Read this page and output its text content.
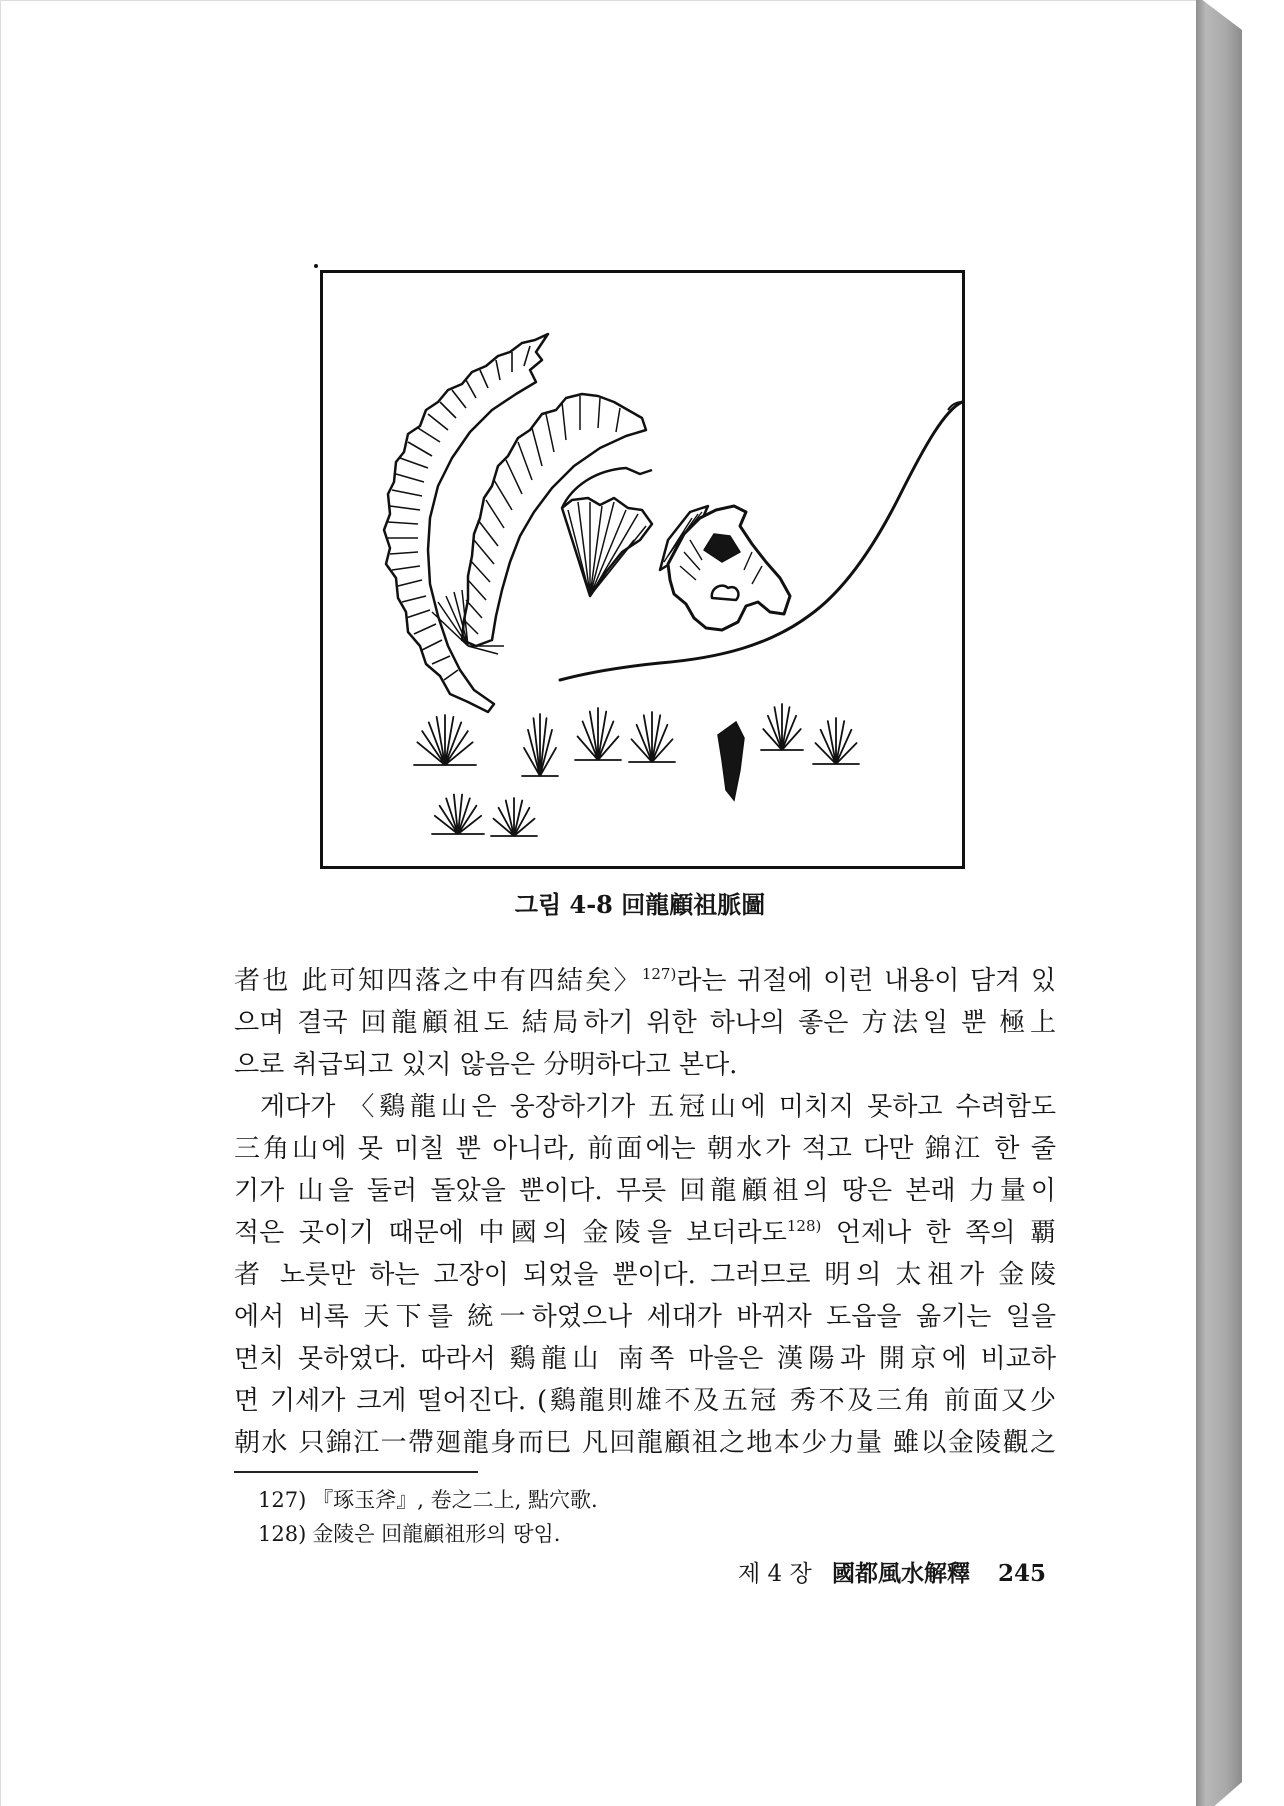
그림 4-8 回龍顧祖脈圖
者也 此可知四落之中有四結矣〉$^{127)}$라는 귀절에 이런 내용이 담겨 있
으며 결국 回龍顧祖도 結局하기 위한 하나의 좋은 方法일 뿐 極上
으로 취급되고 있지 않음은 分明하다고 본다.
게다가 〈鷄龍山은 웅장하기가 五冠山에 미치지 못하고 수려함도
三角山에 못 미칠 뿐 아니라, 前面에는 朝水가 적고 다만 錦江 한 줄
기가 山을 둘러 돌았을 뿐이다. 무릇 回龍顧祖의 땅은 본래 力量이
적은 곳이기 때문에 中國의 金陵을 보더라도$^{128)}$ 언제나 한 쪽의 覇
者 노릇만 하는 고장이 되었을 뿐이다. 그러므로 明의 太祖가 金陵
에서 비록 天下를 統一하였으나 세대가 바뀌자 도읍을 옮기는 일을
면치 못하였다. 따라서 鷄龍山 南쪽 마을은 漢陽과 開京에 비교하
면 기세가 크게 떨어진다. (鷄龍則雄不及五冠 秀不及三角 前面又少
朝水 只錦江一帶廻龍身而巳 凡回龍顧祖之地本少力量 雖以金陵觀之
127) 『琢玉斧』, 卷之二上, 點穴歌.
128) 金陵은 回龍顧祖形의 땅임.
제 4 장 國都風水解釋 245
